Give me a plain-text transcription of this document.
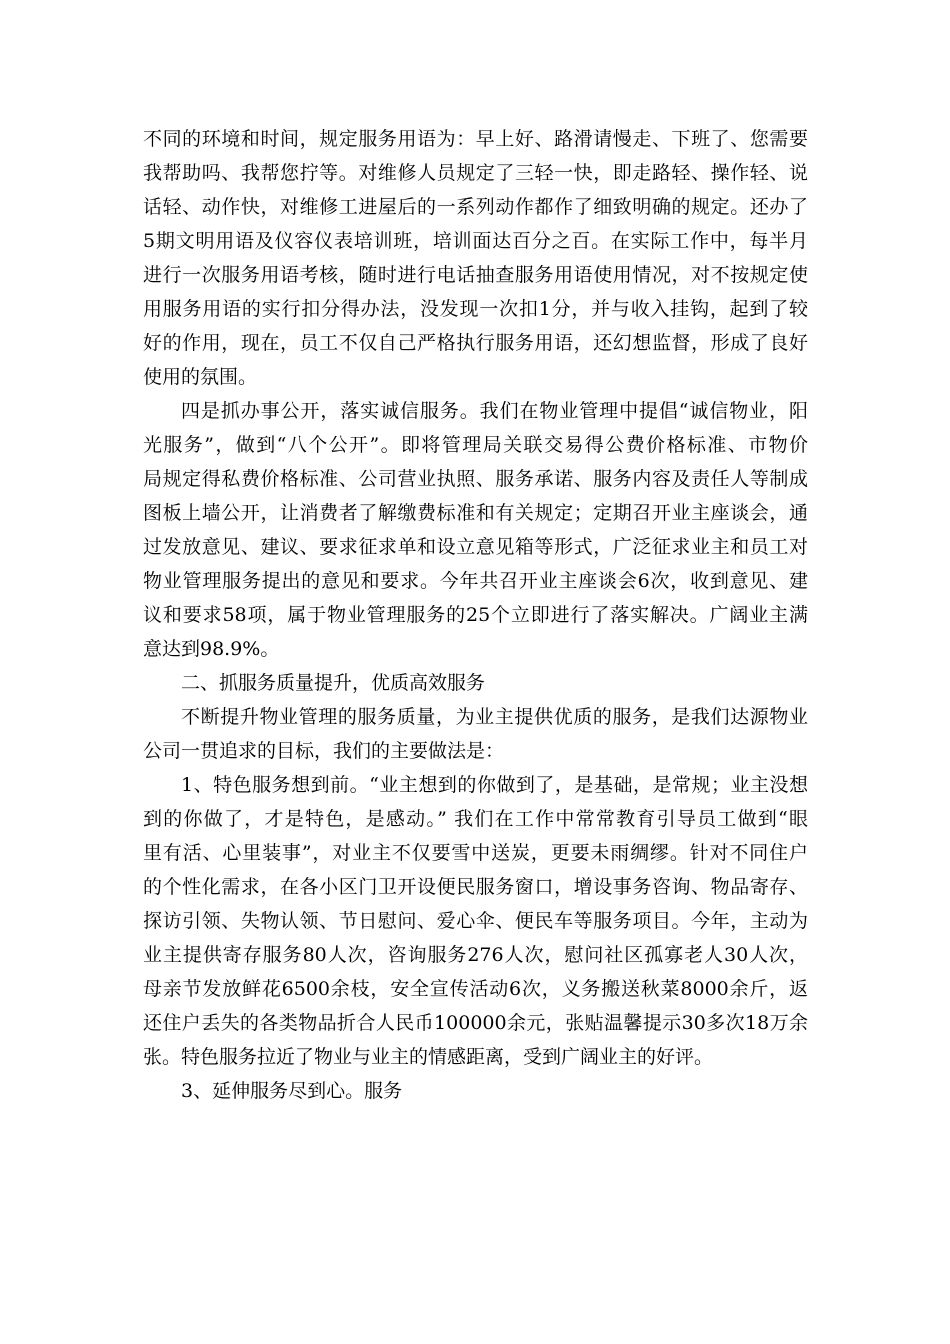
不同的环境和时间，规定服务用语为：早上好、路滑请慢走、下班了、您需要
我帮助吗、我帮您拧等。对维修人员规定了三轻一快，即走路轻、操作轻、说
话轻、动作快，对维修工进屋后的一系列动作都作了细致明确的规定。还办了
5期文明用语及仪容仪表培训班，培训面达百分之百。在实际工作中，每半月
进行一次服务用语考核，随时进行电话抽查服务用语使用情况，对不按规定使
用服务用语的实行扣分得办法，没发现一次扣1分，并与收入挂钩，起到了较
好的作用，现在，员工不仅自己严格执行服务用语，还幻想监督，形成了良好
使用的氛围。
四是抓办事公开，落实诚信服务。我们在物业管理中提倡“诚信物业，阳
光服务”，做到“八个公开”。即将管理局关联交易得公费价格标准、市物价
局规定得私费价格标准、公司营业执照、服务承诺、服务内容及责任人等制成
图板上墙公开，让消费者了解缴费标准和有关规定；定期召开业主座谈会，通
过发放意见、建议、要求征求单和设立意见箱等形式，广泛征求业主和员工对
物业管理服务提出的意见和要求。今年共召开业主座谈会6次，收到意见、建
议和要求58项，属于物业管理服务的25个立即进行了落实解决。广阔业主满
意达到98.9%。
二、抓服务质量提升，优质高效服务
不断提升物业管理的服务质量，为业主提供优质的服务，是我们达源物业
公司一贯追求的目标，我们的主要做法是：
1、特色服务想到前。“业主想到的你做到了，是基础，是常规；业主没想
到的你做了，才是特色，是感动。” 我们在工作中常常教育引导员工做到“眼
里有活、心里装事”，对业主不仅要雪中送炭，更要未雨绸缪。针对不同住户
的个性化需求，在各小区门卫开设便民服务窗口，增设事务咨询、物品寄存、
探访引领、失物认领、节日慰问、爱心伞、便民车等服务项目。今年，主动为
业主提供寄存服务80人次，咨询服务276人次，慰问社区孤寡老人30人次，
母亲节发放鲜花6500余枝，安全宣传活动6次，义务搬送秋菜8000余斤，返
还住户丢失的各类物品折合人民币100000余元，张贴温馨提示30多次18万余
张。特色服务拉近了物业与业主的情感距离，受到广阔业主的好评。
3、延伸服务尽到心。服务
